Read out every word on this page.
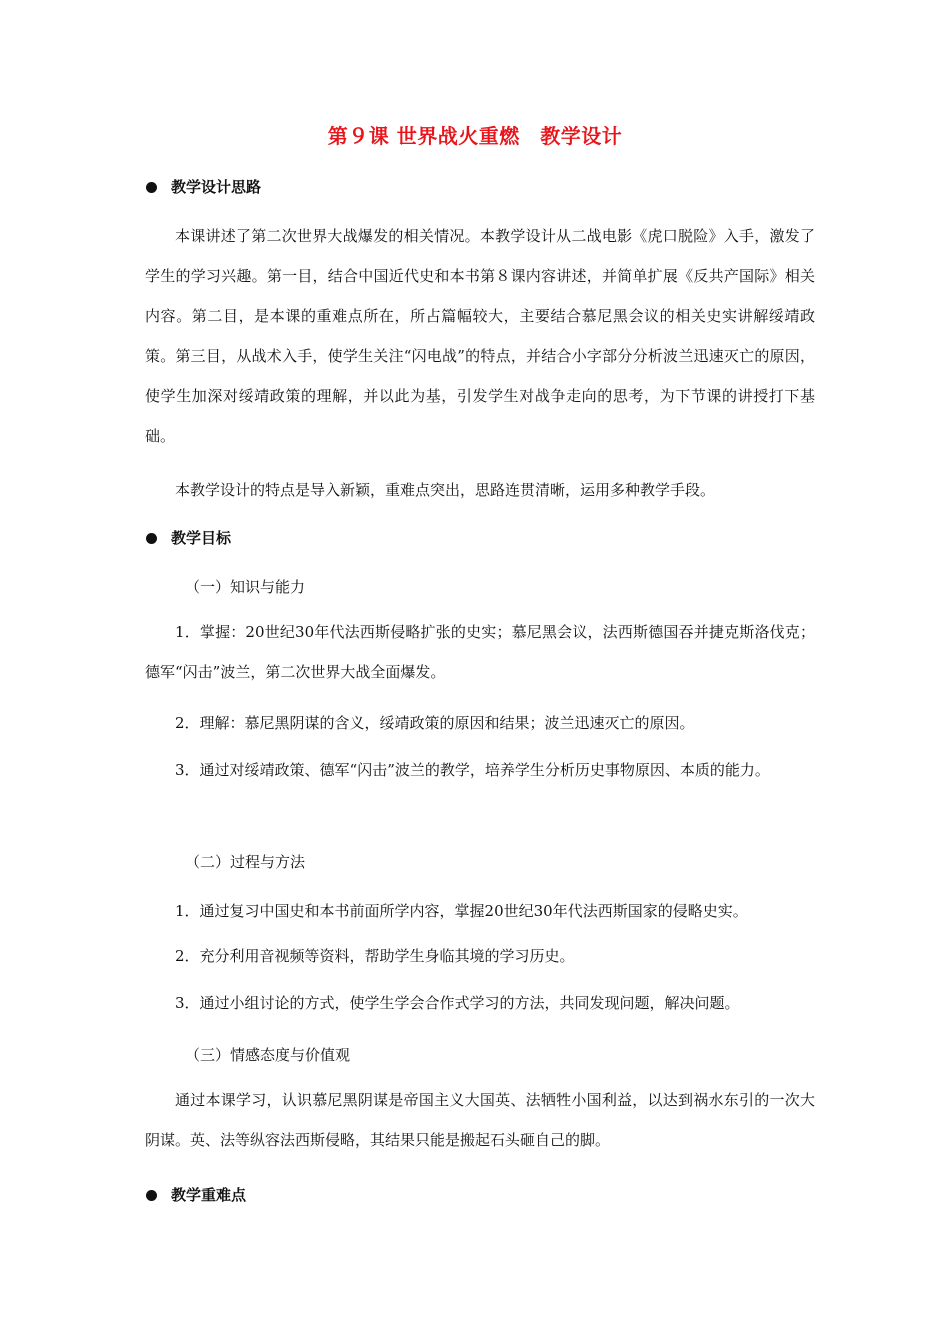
第９课 世界战火重燃　教学设计
教学设计思路
本课讲述了第二次世界大战爆发的相关情况。本教学设计从二战电影《虎口脱险》入手，激发了学生的学习兴趣。第一目，结合中国近代史和本书第８课内容讲述，并简单扩展《反共产国际》相关内容。第二目，是本课的重难点所在，所占篇幅较大，主要结合慕尼黑会议的相关史实讲解绥靖政策。第三目，从战术入手，使学生关注“闪电战”的特点，并结合小字部分分析波兰迅速灭亡的原因，使学生加深对绥靖政策的理解，并以此为基，引发学生对战争走向的思考，为下节课的讲授打下基础。
本教学设计的特点是导入新颖，重难点突出，思路连贯清晰，运用多种教学手段。
教学目标
（一）知识与能力
1．掌握：20世纪30年代法西斯侵略扩张的史实；慕尼黑会议，法西斯德国吞并捷克斯洛伐克；德军“闪击”波兰，第二次世界大战全面爆发。
2．理解：慕尼黑阴谋的含义，绥靖政策的原因和结果；波兰迅速灭亡的原因。
3．通过对绥靖政策、德军“闪击”波兰的教学，培养学生分析历史事物原因、本质的能力。
（二）过程与方法
1．通过复习中国史和本书前面所学内容，掌握20世纪30年代法西斯国家的侵略史实。
2．充分利用音视频等资料，帮助学生身临其境的学习历史。
3．通过小组讨论的方式，使学生学会合作式学习的方法，共同发现问题，解决问题。
（三）情感态度与价值观
通过本课学习，认识慕尼黑阴谋是帝国主义大国英、法牺牲小国利益，以达到祸水东引的一次大阴谋。英、法等纵容法西斯侵略，其结果只能是搬起石头砸自己的脚。
教学重难点
